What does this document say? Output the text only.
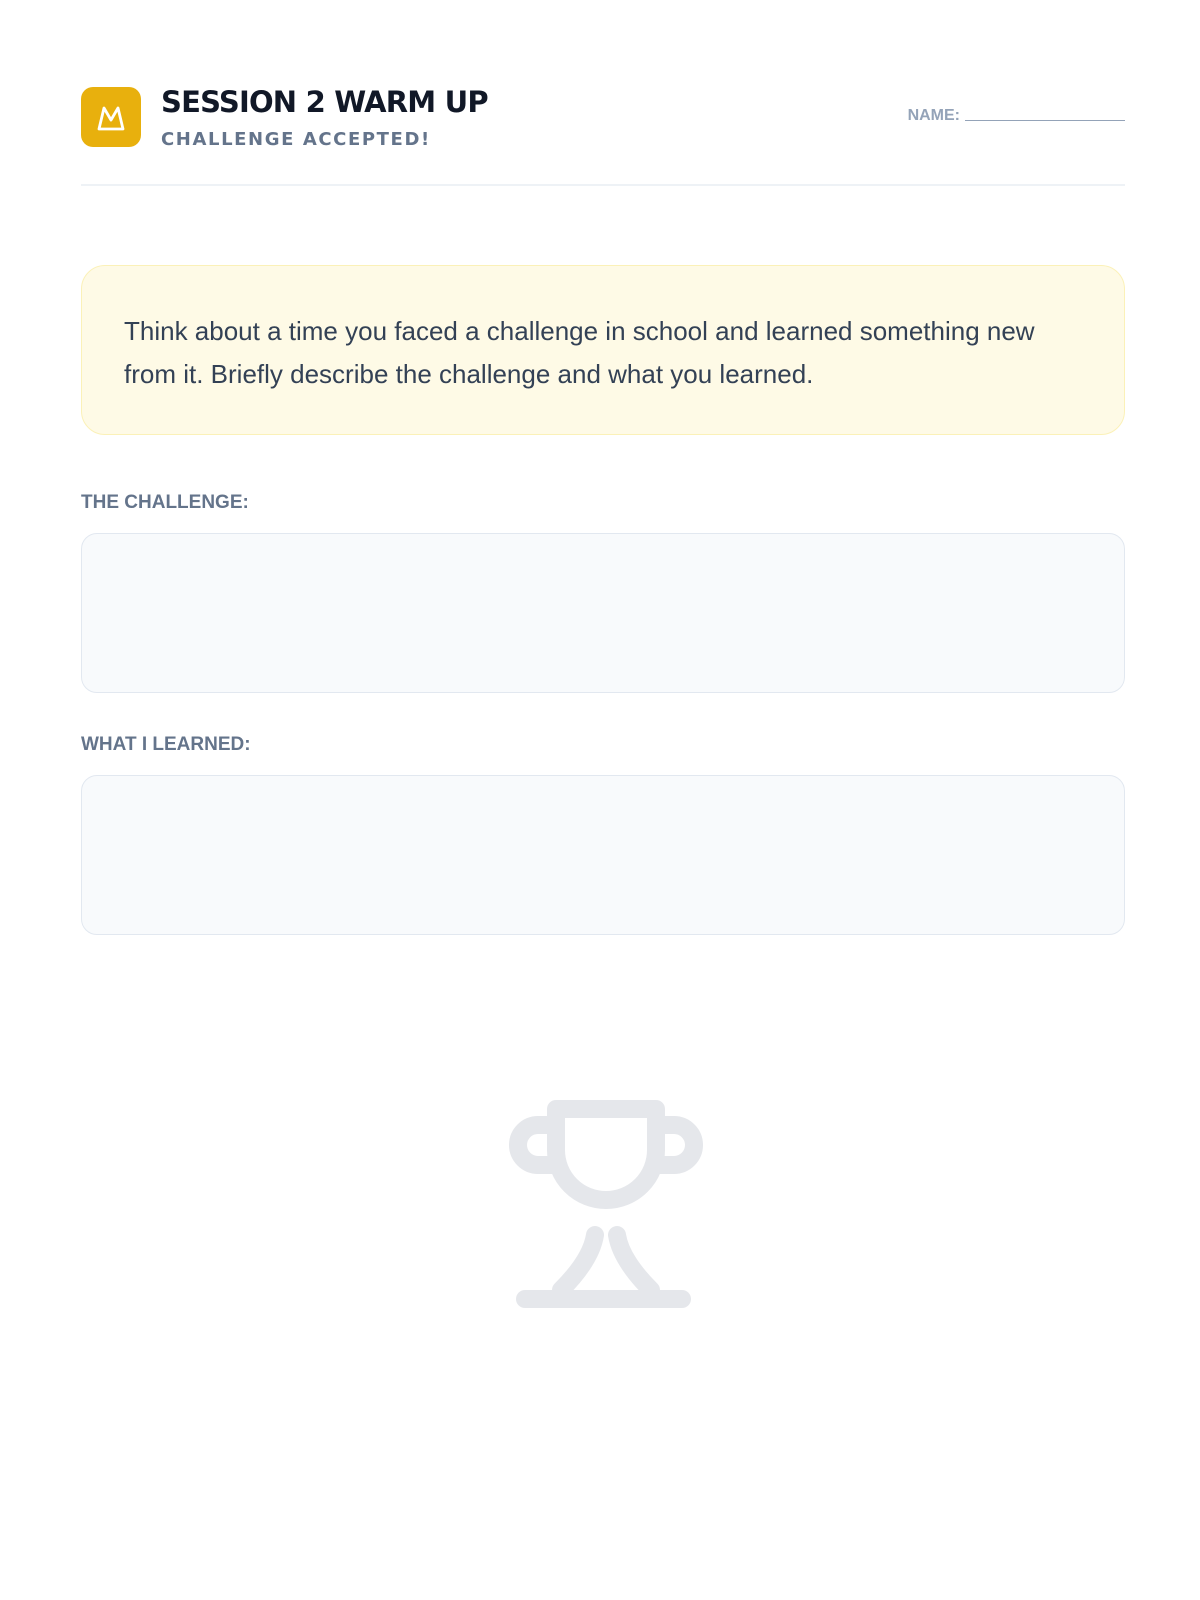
SESSION 2 WARM UP
CHALLENGE ACCEPTED!
NAME:

Think about a time you faced a challenge in school and learned something new from it. Briefly describe the challenge and what you learned.

THE CHALLENGE:
WHAT I LEARNED:
